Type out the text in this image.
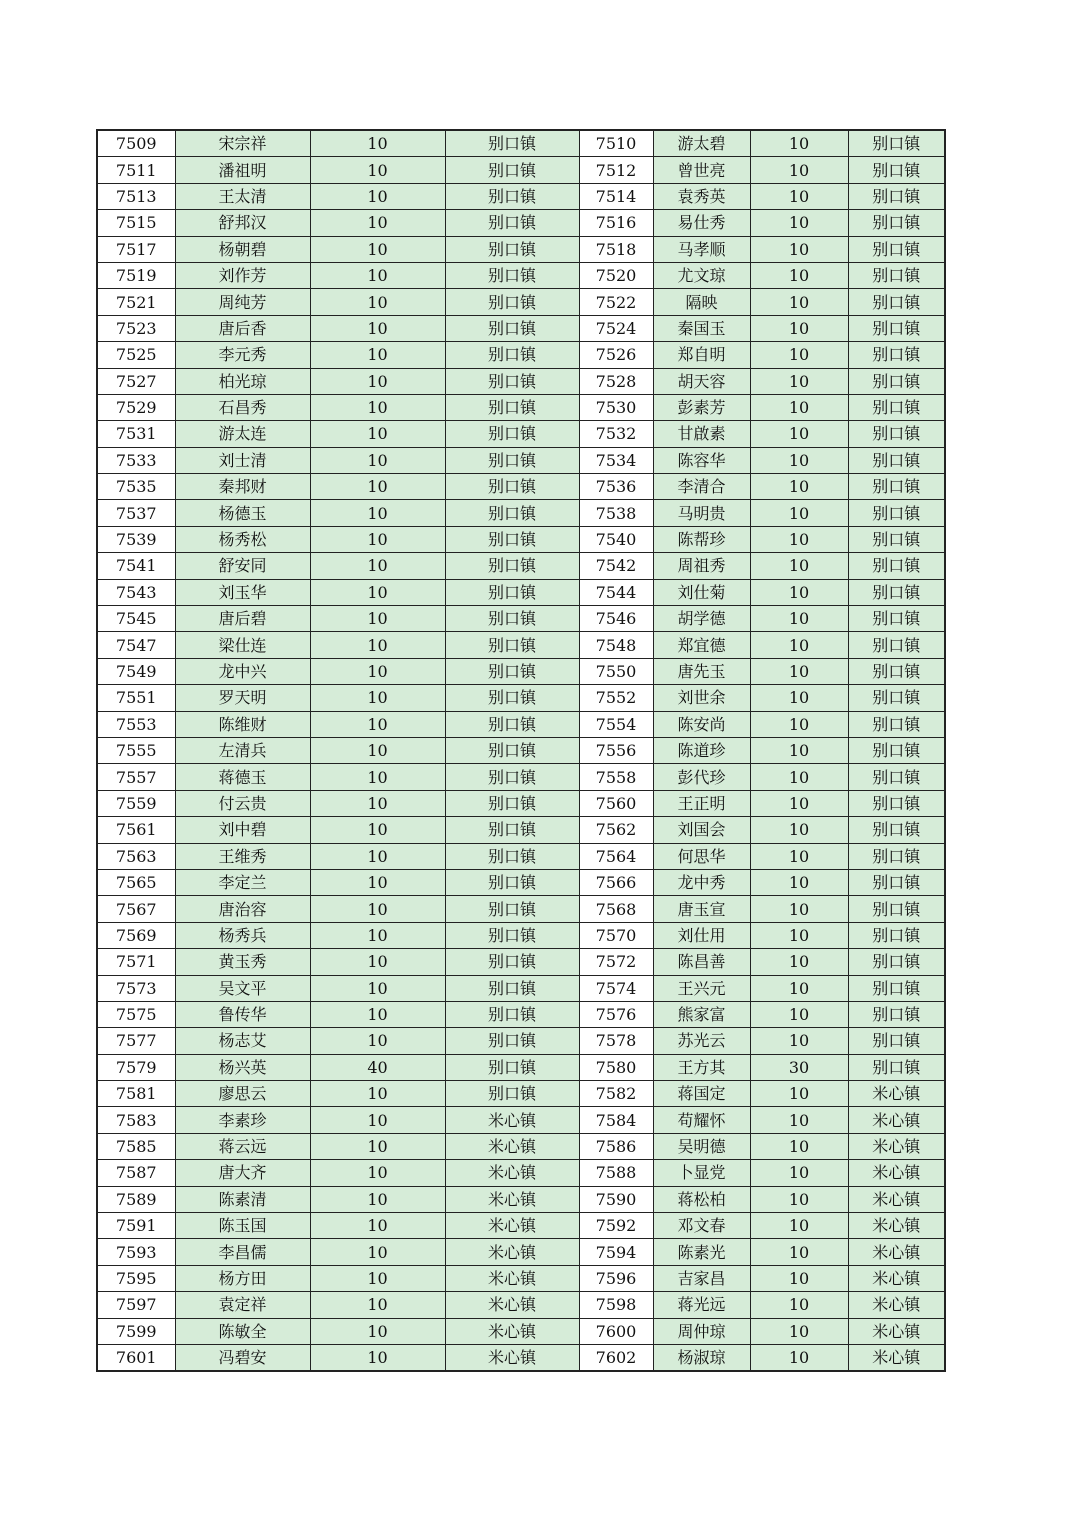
7509	宋宗祥	10	别口镇	7510	游太碧	10	别口镇
7511	潘祖明	10	别口镇	7512	曾世亮	10	别口镇
7513	王太清	10	别口镇	7514	袁秀英	10	别口镇
7515	舒邦汉	10	别口镇	7516	易仕秀	10	别口镇
7517	杨朝碧	10	别口镇	7518	马孝顺	10	别口镇
7519	刘作芳	10	别口镇	7520	尤文琼	10	别口镇
7521	周纯芳	10	别口镇	7522	隔映	10	别口镇
7523	唐后香	10	别口镇	7524	秦国玉	10	别口镇
7525	李元秀	10	别口镇	7526	郑自明	10	别口镇
7527	柏光琼	10	别口镇	7528	胡天容	10	别口镇
7529	石昌秀	10	别口镇	7530	彭素芳	10	别口镇
7531	游太连	10	别口镇	7532	甘啟素	10	别口镇
7533	刘士清	10	别口镇	7534	陈容华	10	别口镇
7535	秦邦财	10	别口镇	7536	李清合	10	别口镇
7537	杨德玉	10	别口镇	7538	马明贵	10	别口镇
7539	杨秀松	10	别口镇	7540	陈帮珍	10	别口镇
7541	舒安同	10	别口镇	7542	周祖秀	10	别口镇
7543	刘玉华	10	别口镇	7544	刘仕菊	10	别口镇
7545	唐后碧	10	别口镇	7546	胡学德	10	别口镇
7547	梁仕连	10	别口镇	7548	郑宜德	10	别口镇
7549	龙中兴	10	别口镇	7550	唐先玉	10	别口镇
7551	罗天明	10	别口镇	7552	刘世余	10	别口镇
7553	陈维财	10	别口镇	7554	陈安尚	10	别口镇
7555	左清兵	10	别口镇	7556	陈道珍	10	别口镇
7557	蒋德玉	10	别口镇	7558	彭代珍	10	别口镇
7559	付云贵	10	别口镇	7560	王正明	10	别口镇
7561	刘中碧	10	别口镇	7562	刘国会	10	别口镇
7563	王维秀	10	别口镇	7564	何思华	10	别口镇
7565	李定兰	10	别口镇	7566	龙中秀	10	别口镇
7567	唐治容	10	别口镇	7568	唐玉宣	10	别口镇
7569	杨秀兵	10	别口镇	7570	刘仕用	10	别口镇
7571	黄玉秀	10	别口镇	7572	陈昌善	10	别口镇
7573	吴文平	10	别口镇	7574	王兴元	10	别口镇
7575	鲁传华	10	别口镇	7576	熊家富	10	别口镇
7577	杨志艾	10	别口镇	7578	苏光云	10	别口镇
7579	杨兴英	40	别口镇	7580	王方其	30	别口镇
7581	廖思云	10	别口镇	7582	蒋国定	10	米心镇
7583	李素珍	10	米心镇	7584	苟耀怀	10	米心镇
7585	蒋云远	10	米心镇	7586	吴明德	10	米心镇
7587	唐大齐	10	米心镇	7588	卜显党	10	米心镇
7589	陈素清	10	米心镇	7590	蒋松柏	10	米心镇
7591	陈玉国	10	米心镇	7592	邓文春	10	米心镇
7593	李昌儒	10	米心镇	7594	陈素光	10	米心镇
7595	杨方田	10	米心镇	7596	吉家昌	10	米心镇
7597	袁定祥	10	米心镇	7598	蒋光远	10	米心镇
7599	陈敏全	10	米心镇	7600	周仲琼	10	米心镇
7601	冯碧安	10	米心镇	7602	杨淑琼	10	米心镇
